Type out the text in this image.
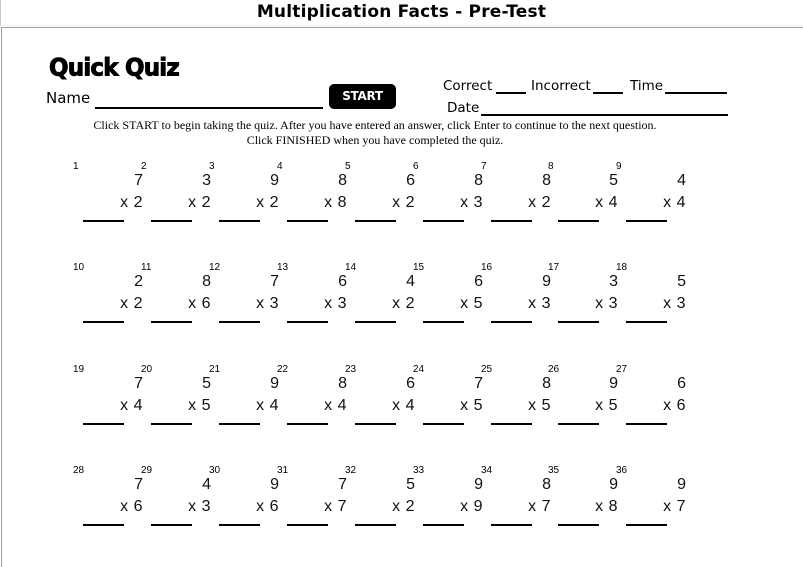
Multiplication Facts - Pre-Test
Quick Quiz
Name	START
Correct	Incorrect	Time
Date
Click START to begin taking the quiz. After you have entered an answer, click Enter to continue to the next question.
Click FINISHED when you have completed the quiz.
1
7
x 2
2
3
x 2
3
9
x 2
4
8
x 8
5
6
x 2
6
8
x 3
7
8
x 2
8
5
x 4
9
4
x 4
10
2
x 2
11
8
x 6
12
7
x 3
13
6
x 3
14
4
x 2
15
6
x 5
16
9
x 3
17
3
x 3
18
5
x 3
19
7
x 4
20
5
x 5
21
9
x 4
22
8
x 4
23
6
x 4
24
7
x 5
25
8
x 5
26
9
x 5
27
6
x 6
28
7
x 6
29
4
x 3
30
9
x 6
31
7
x 7
32
5
x 2
33
9
x 9
34
8
x 7
35
9
x 8
36
9
x 7
